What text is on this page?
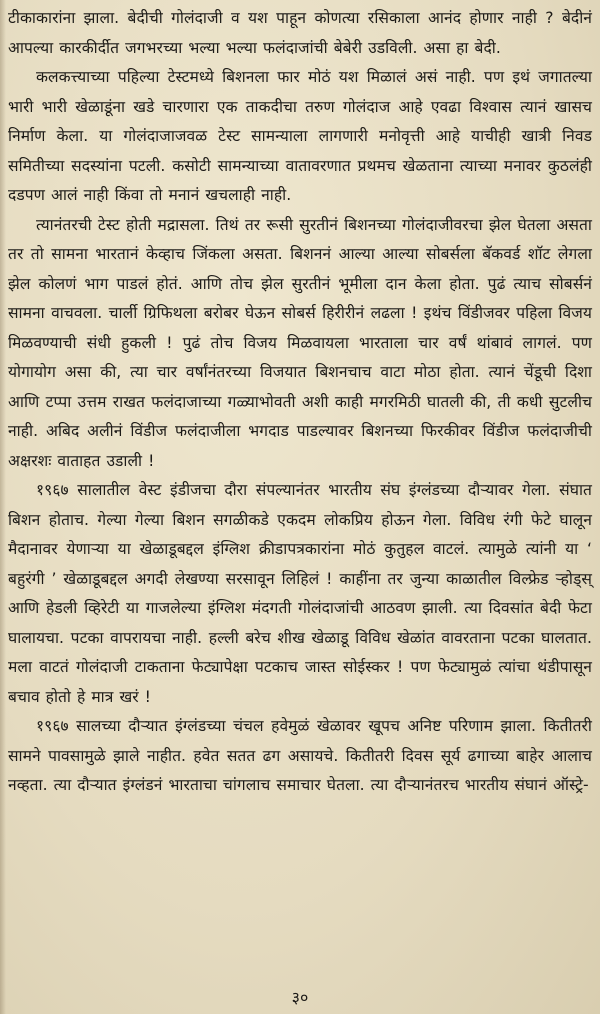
टीकाकारांना झाला. बेदीची गोलंदाजी व यश पाहून कोणत्या रसिकाला आनंद होणार नाही ? बेदीनं आपल्या कारकीर्दीत जगभरच्या भल्या भल्या फलंदाजांची बेबेरी उडविली. असा हा बेदी.

कलकत्त्याच्या पहिल्या टेस्टमध्ये बिशनला फार मोठं यश मिळालं असं नाही. पण इथं जगातल्या भारी भारी खेळाडूंना खडे चारणारा एक ताकदीचा तरुण गोलंदाज आहे एवढा विश्वास त्यानं खासच निर्माण केला. या गोलंदाजाजवळ टेस्ट सामन्याला लागणारी मनोवृत्ती आहे याचीही खात्री निवड समितीच्या सदस्यांना पटली. कसोटी सामन्याच्या वातावरणात प्रथमच खेळताना त्याच्या मनावर कुठलंही दडपण आलं नाही किंवा तो मनानं खचलाही नाही.

त्यानंतरची टेस्ट होती मद्रासला. तिथं तर रूसी सुरतीनं बिशनच्या गोलंदाजीवरचा झेल घेतला असता तर तो सामना भारतानं केव्हाच जिंकला असता. बिशननं आल्या आल्या सोबर्सला बॅकवर्ड शॉट लेगला झेल कोलणं भाग पाडलं होतं. आणि तोच झेल सुरतीनं भूमीला दान केला होता. पुढं त्याच सोबर्सनं सामना वाचवला. चार्ली ग्रिफिथला बरोबर घेऊन सोबर्स हिरीरीनं लढला ! इथंच विंडीजवर पहिला विजय मिळवण्याची संधी हुकली ! पुढं तोच विजय मिळवायला भारताला चार वर्षं थांबावं लागलं. पण योगायोग असा की, त्या चार वर्षांनंतरच्या विजयात बिशनचाच वाटा मोठा होता. त्यानं चेंडूची दिशा आणि टप्पा उत्तम राखत फलंदाजाच्या गळ्याभोवती अशी काही मगरमिठी घातली की, ती कधी सुटलीच नाही. अबिद अलीनं विंडीज फलंदाजीला भगदाड पाडल्यावर बिशनच्या फिरकीवर विंडीज फलंदाजीची अक्षरशः वाताहत उडाली !

१९६७ सालातील वेस्ट इंडीजचा दौरा संपल्यानंतर भारतीय संघ इंग्लंडच्या दौऱ्यावर गेला. संघात बिशन होताच. गेल्या गेल्या बिशन सगळीकडे एकदम लोकप्रिय होऊन गेला. विविध रंगी फेटे घालून मैदानावर येणाऱ्या या खेळाडूबद्दल इंग्लिश क्रीडापत्रकारांना मोठं कुतुहल वाटलं. त्यामुळे त्यांनी या ‘ बहुरंगी ’ खेळाडूबद्दल अगदी लेखण्या सरसावून लिहिलं ! काहींना तर जुन्या काळातील विल्फ्रेड ऱ्होड्स् आणि हेडली व्हिरेटी या गाजलेल्या इंग्लिश मंदगती गोलंदाजांची आठवण झाली. त्या दिवसांत बेदी फेटा घालायचा. पटका वापरायचा नाही. हल्ली बरेच शीख खेळाडू विविध खेळांत वावरताना पटका घालतात. मला वाटतं गोलंदाजी टाकताना फेट्यापेक्षा पटकाच जास्त सोईस्कर ! पण फेट्यामुळं त्यांचा थंडीपासून बचाव होतो हे मात्र खरं !

१९६७ सालच्या दौऱ्यात इंग्लंडच्या चंचल हवेमुळं खेळावर खूपच अनिष्ट परिणाम झाला. कितीतरी सामने पावसामुळे झाले नाहीत. हवेत सतत ढग असायचे. कितीतरी दिवस सूर्य ढगाच्या बाहेर आलाच नव्हता. त्या दौऱ्यात इंग्लंडनं भारताचा चांगलाच समाचार घेतला. त्या दौऱ्यानंतरच भारतीय संघानं ऑस्ट्रे-

३०
